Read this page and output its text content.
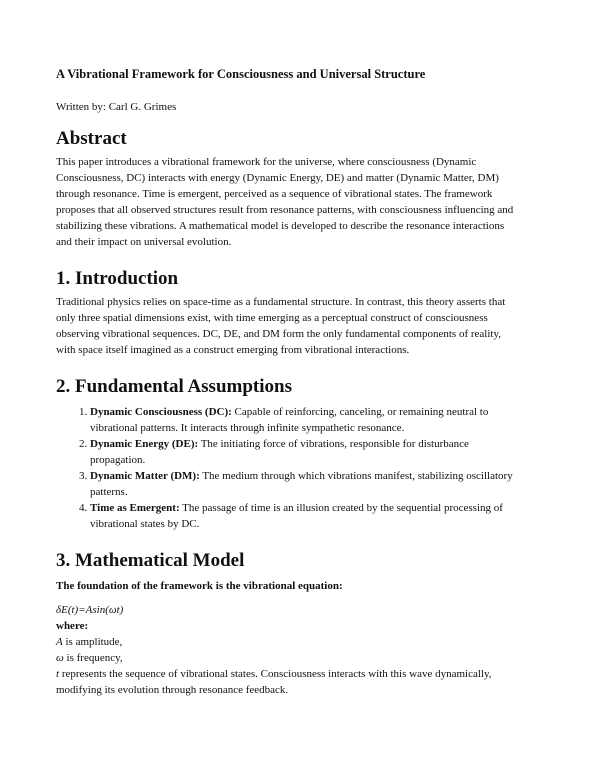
A Vibrational Framework for Consciousness and Universal Structure
Written by: Carl G. Grimes
Abstract

This paper introduces a vibrational framework for the universe, where consciousness (Dynamic Consciousness, DC) interacts with energy (Dynamic Energy, DE) and matter (Dynamic Matter, DM) through resonance. Time is emergent, perceived as a sequence of vibrational states. The framework proposes that all observed structures result from resonance patterns, with consciousness influencing and stabilizing these vibrations. A mathematical model is developed to describe the resonance interactions and their impact on universal evolution.

1. Introduction

Traditional physics relies on space-time as a fundamental structure. In contrast, this theory asserts that only three spatial dimensions exist, with time emerging as a perceptual construct of consciousness observing vibrational sequences. DC, DE, and DM form the only fundamental components of reality, with space itself imagined as a construct emerging from vibrational interactions.

2. Fundamental Assumptions
1. Dynamic Consciousness (DC): Capable of reinforcing, canceling, or remaining neutral to vibrational patterns. It interacts through infinite sympathetic resonance.
2. Dynamic Energy (DE): The initiating force of vibrations, responsible for disturbance propagation.
3. Dynamic Matter (DM): The medium through which vibrations manifest, stabilizing oscillatory patterns.
4. Time as Emergent: The passage of time is an illusion created by the sequential processing of vibrational states by DC.
3. Mathematical Model

The foundation of the framework is the vibrational equation:

δE(t)=Asin(ωt)
where:
A is amplitude,
ω is frequency,
t represents the sequence of vibrational states. Consciousness interacts with this wave dynamically, modifying its evolution through resonance feedback.
